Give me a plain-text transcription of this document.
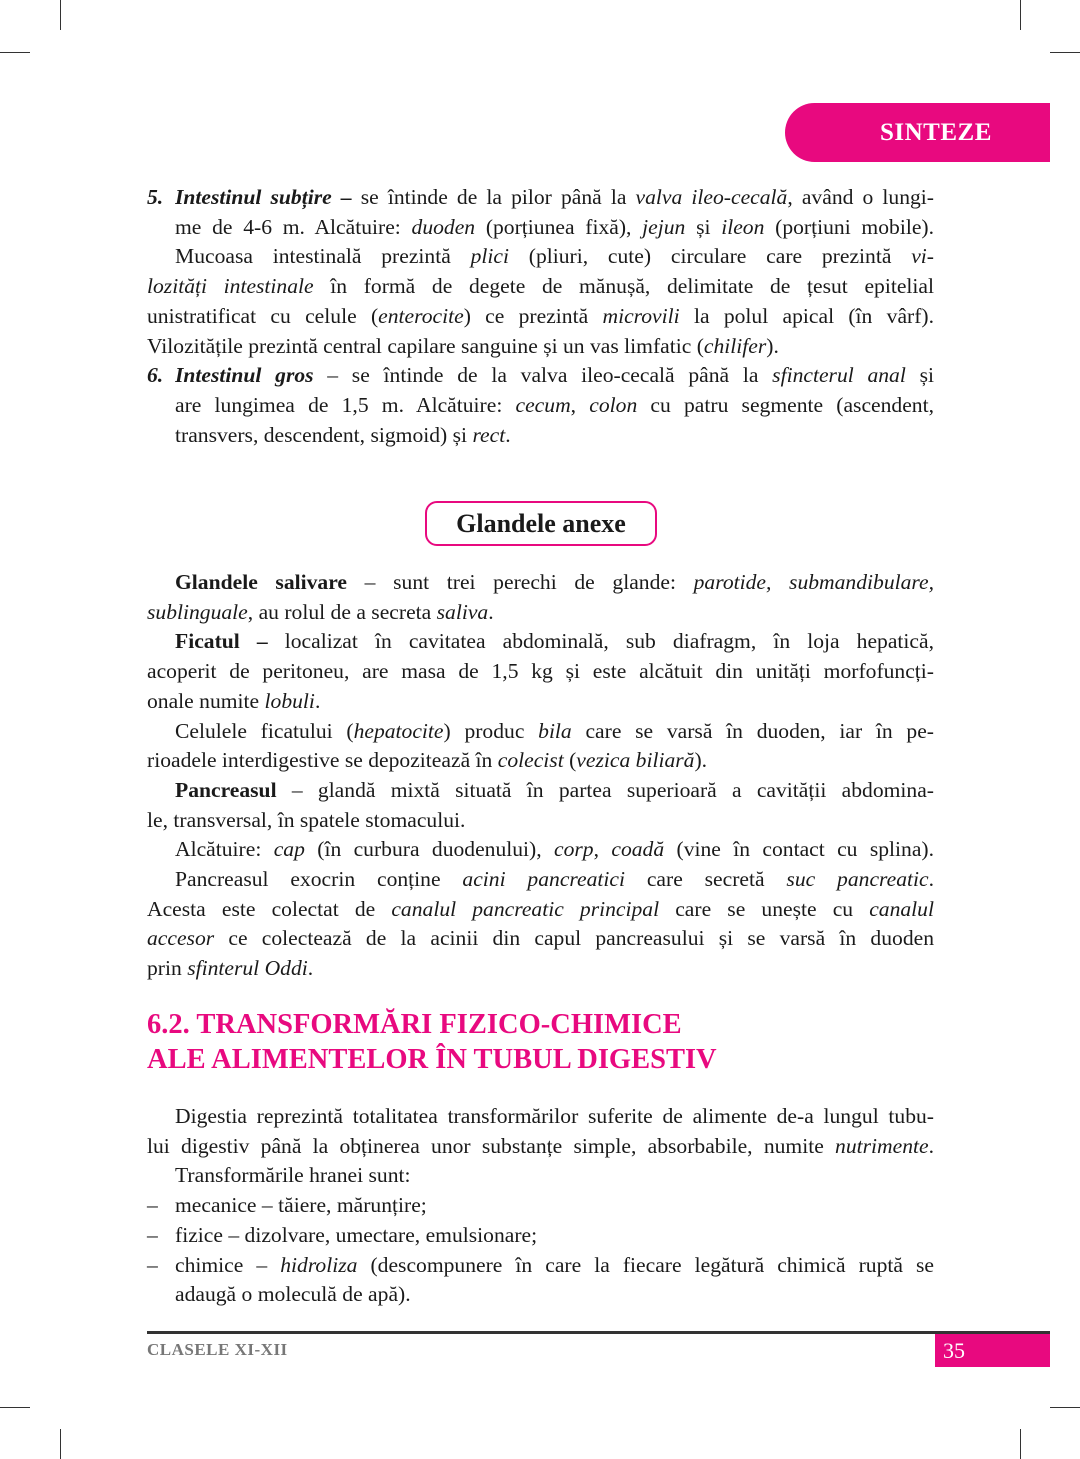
SINTEZE
5. Intestinul subțire – se întinde de la pilor până la valva ileo-cecală, având o lungi-
me de 4-6 m. Alcătuire: duoden (porțiunea fixă), jejun și ileon (porțiuni mobile).
Mucoasa intestinală prezintă plici (pliuri, cute) circulare care prezintă vi-
lozități intestinale în formă de degete de mănușă, delimitate de țesut epitelial
unistratificat cu celule (enterocite) ce prezintă microvili la polul apical (în vârf).
Vilozitățile prezintă central capilare sanguine și un vas limfatic (chilifer).
6. Intestinul gros – se întinde de la valva ileo-cecală până la sfincterul anal și
are lungimea de 1,5 m. Alcătuire: cecum, colon cu patru segmente (ascendent,
transvers, descendent, sigmoid) și rect.
Glandele anexe
Glandele salivare – sunt trei perechi de glande: parotide, submandibulare,
sublinguale, au rolul de a secreta saliva.
Ficatul – localizat în cavitatea abdominală, sub diafragm, în loja hepatică,
acoperit de peritoneu, are masa de 1,5 kg și este alcătuit din unități morfofuncți-
onale numite lobuli.
Celulele ficatului (hepatocite) produc bila care se varsă în duoden, iar în pe-
rioadele interdigestive se depozitează în colecist (vezica biliară).
Pancreasul – glandă mixtă situată în partea superioară a cavității abdomina-
le, transversal, în spatele stomacului.
Alcătuire: cap (în curbura duodenului), corp, coadă (vine în contact cu splina).
Pancreasul exocrin conține acini pancreatici care secretă suc pancreatic.
Acesta este colectat de canalul pancreatic principal care se unește cu canalul
accesor ce colectează de la acinii din capul pancreasului și se varsă în duoden
prin sfinterul Oddi.
6.2. TRANSFORMĂRI FIZICO-CHIMICE
ALE ALIMENTELOR ÎN TUBUL DIGESTIV
Digestia reprezintă totalitatea transformărilor suferite de alimente de-a lungul tubu-
lui digestiv până la obținerea unor substanțe simple, absorbabile, numite nutrimente.
Transformările hranei sunt:
– mecanice – tăiere, mărunțire;
– fizice – dizolvare, umectare, emulsionare;
– chimice – hidroliza (descompunere în care la fiecare legătură chimică ruptă se
adaugă o moleculă de apă).
CLASELE XI-XII	35
